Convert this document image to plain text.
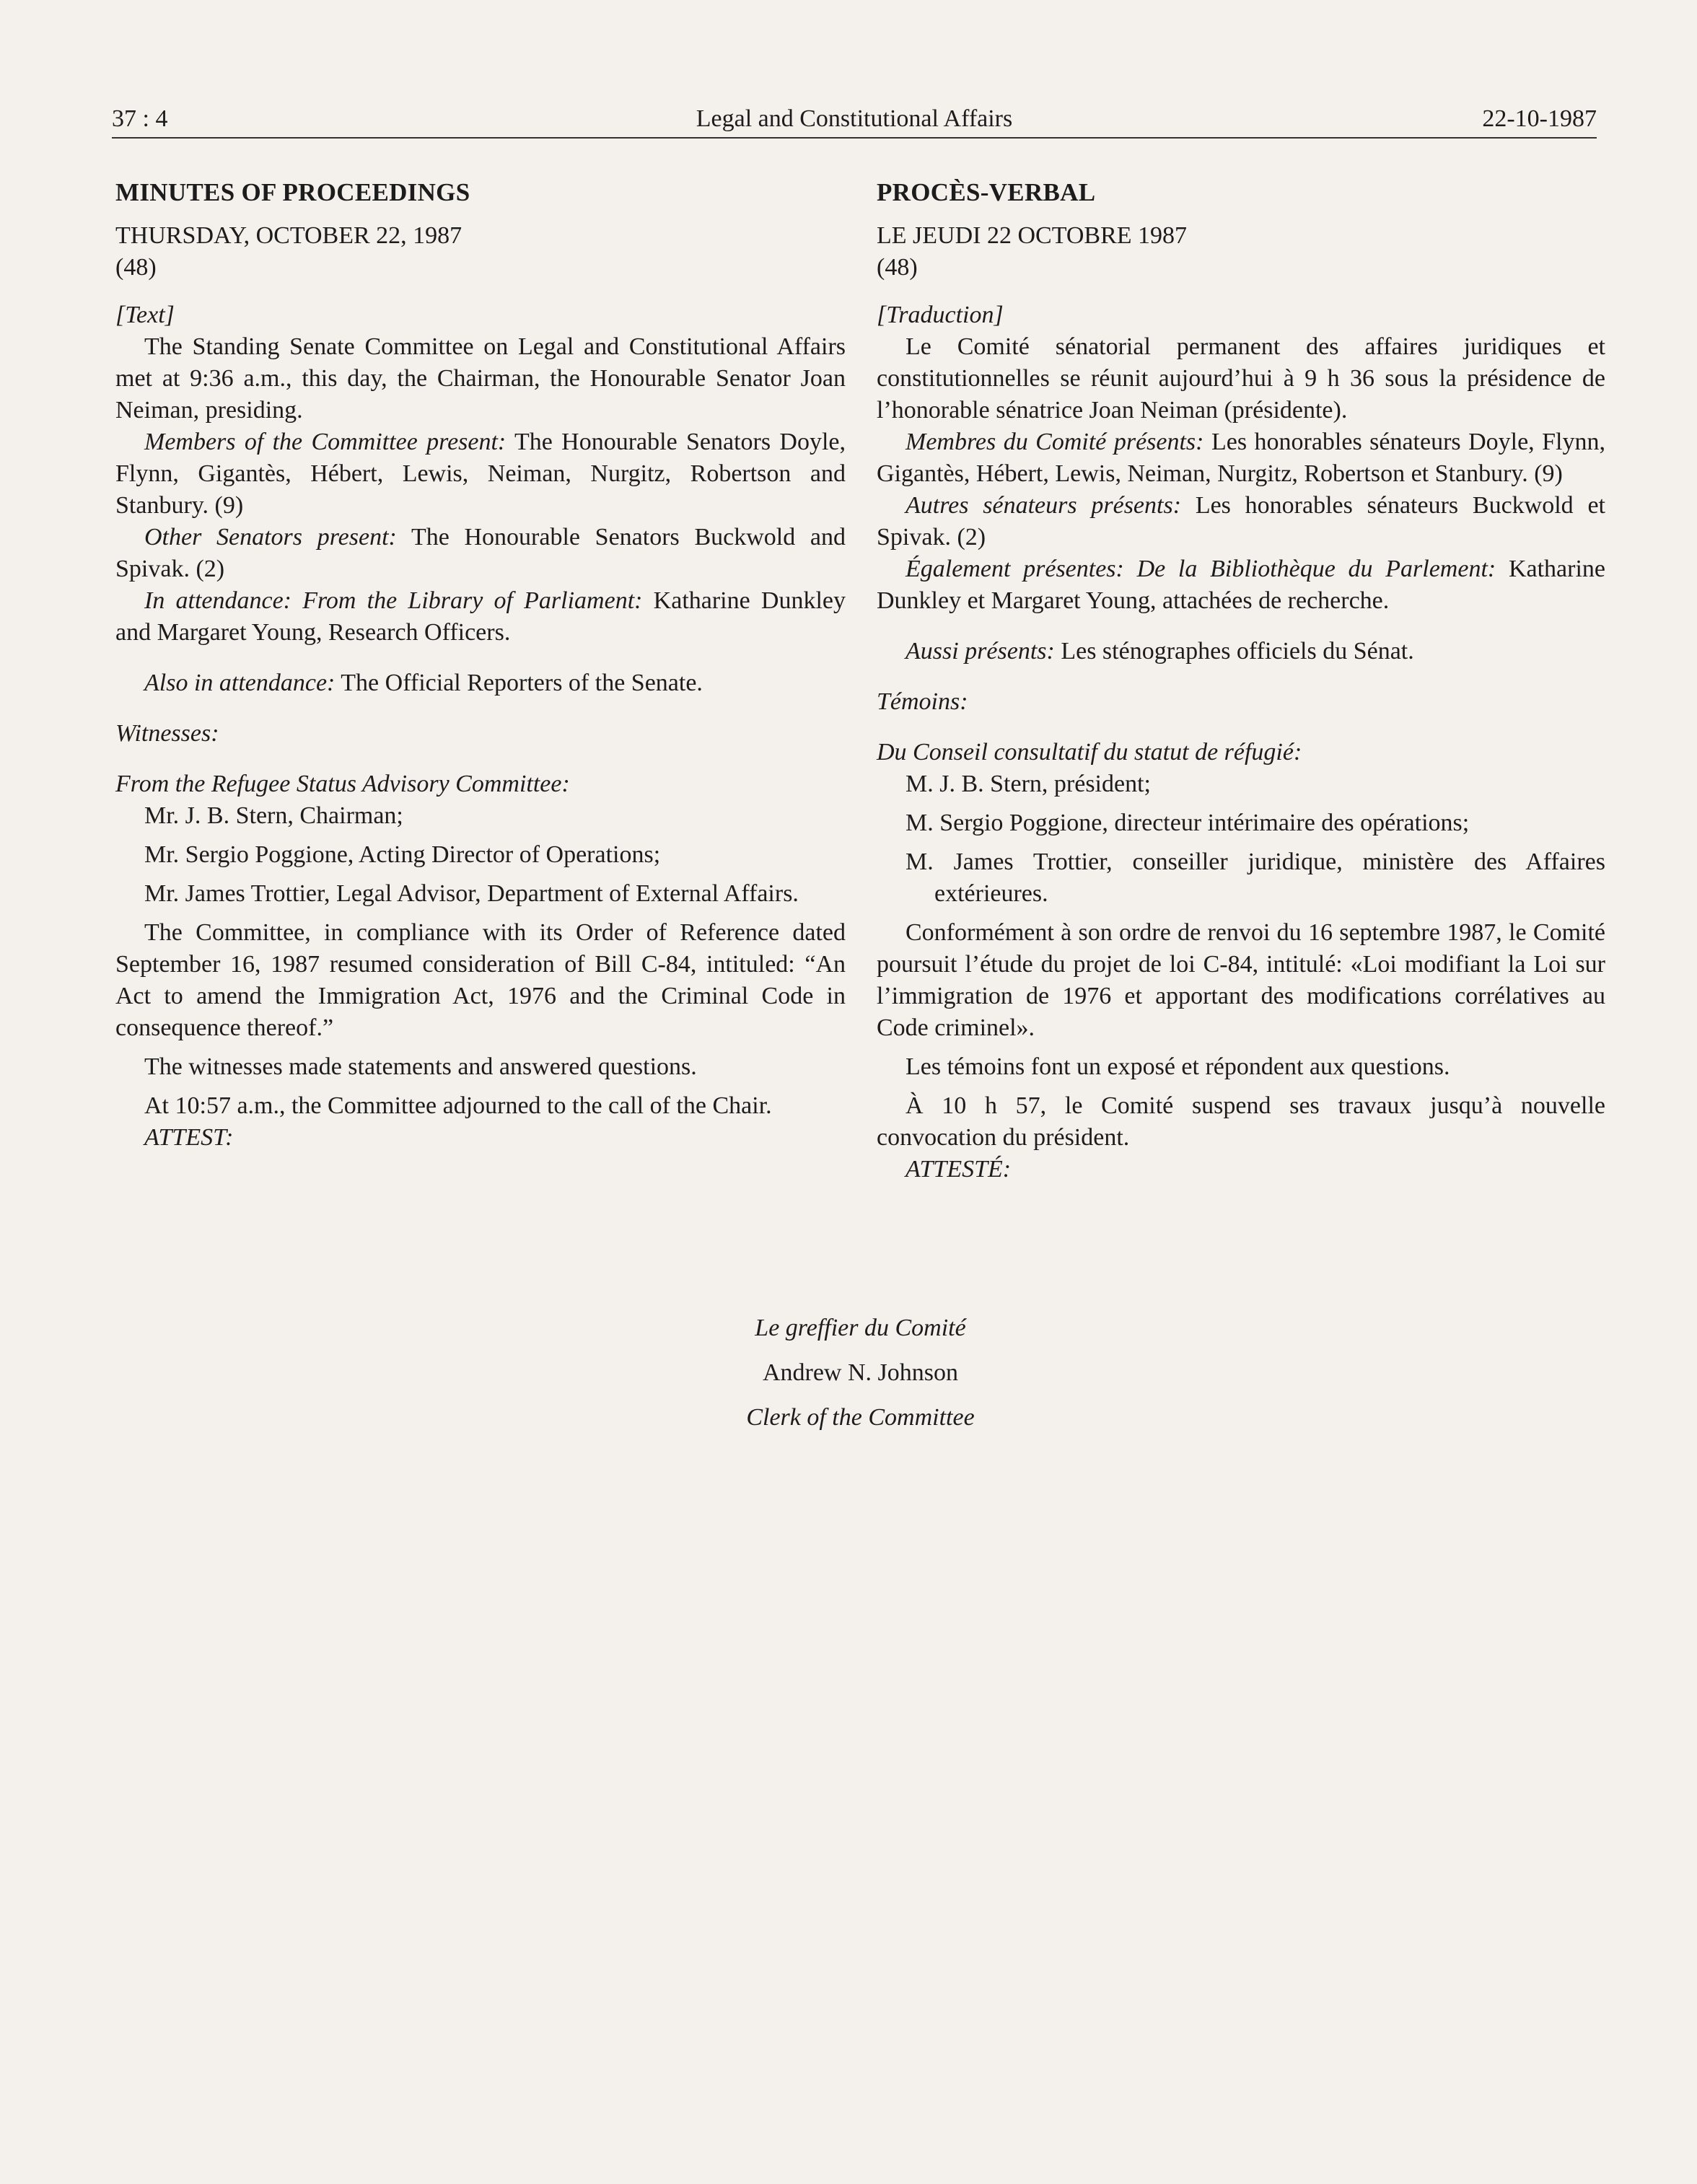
37 : 4	Legal and Constitutional Affairs	22-10-1987

MINUTES OF PROCEEDINGS

THURSDAY, OCTOBER 22, 1987

(48)

[Text]

The Standing Senate Committee on Legal and Constitutional Affairs met at 9:36 a.m., this day, the Chairman, the Honourable Senator Joan Neiman, presiding.

Members of the Committee present: The Honourable Senators Doyle, Flynn, Gigantès, Hébert, Lewis, Neiman, Nurgitz, Robertson and Stanbury. (9)

Other Senators present: The Honourable Senators Buckwold and Spivak. (2)

In attendance: From the Library of Parliament: Katharine Dunkley and Margaret Young, Research Officers.

Also in attendance: The Official Reporters of the Senate.

Witnesses:

From the Refugee Status Advisory Committee:

Mr. J. B. Stern, Chairman;

Mr. Sergio Poggione, Acting Director of Operations;

Mr. James Trottier, Legal Advisor, Department of External Affairs.

The Committee, in compliance with its Order of Reference dated September 16, 1987 resumed consideration of Bill C-84, intituled: “An Act to amend the Immigration Act, 1976 and the Criminal Code in consequence thereof.”

The witnesses made statements and answered questions.

At 10:57 a.m., the Committee adjourned to the call of the Chair.

ATTEST:

PROCÈS-VERBAL

LE JEUDI 22 OCTOBRE 1987

(48)

[Traduction]

Le Comité sénatorial permanent des affaires juridiques et constitutionnelles se réunit aujourd’hui à 9 h 36 sous la présidence de l’honorable sénatrice Joan Neiman (présidente).

Membres du Comité présents: Les honorables sénateurs Doyle, Flynn, Gigantès, Hébert, Lewis, Neiman, Nurgitz, Robertson et Stanbury. (9)

Autres sénateurs présents: Les honorables sénateurs Buckwold et Spivak. (2)

Également présentes: De la Bibliothèque du Parlement: Katharine Dunkley et Margaret Young, attachées de recherche.

Aussi présents: Les sténographes officiels du Sénat.

Témoins:

Du Conseil consultatif du statut de réfugié:

M. J. B. Stern, président;

M. Sergio Poggione, directeur intérimaire des opérations;

M. James Trottier, conseiller juridique, ministère des Affaires extérieures.

Conformément à son ordre de renvoi du 16 septembre 1987, le Comité poursuit l’étude du projet de loi C-84, intitulé: «Loi modifiant la Loi sur l’immigration de 1976 et apportant des modifications corrélatives au Code criminel».

Les témoins font un exposé et répondent aux questions.

À 10 h 57, le Comité suspend ses travaux jusqu’à nouvelle convocation du président.

ATTESTÉ:

Le greffier du Comité
Andrew N. Johnson
Clerk of the Committee
